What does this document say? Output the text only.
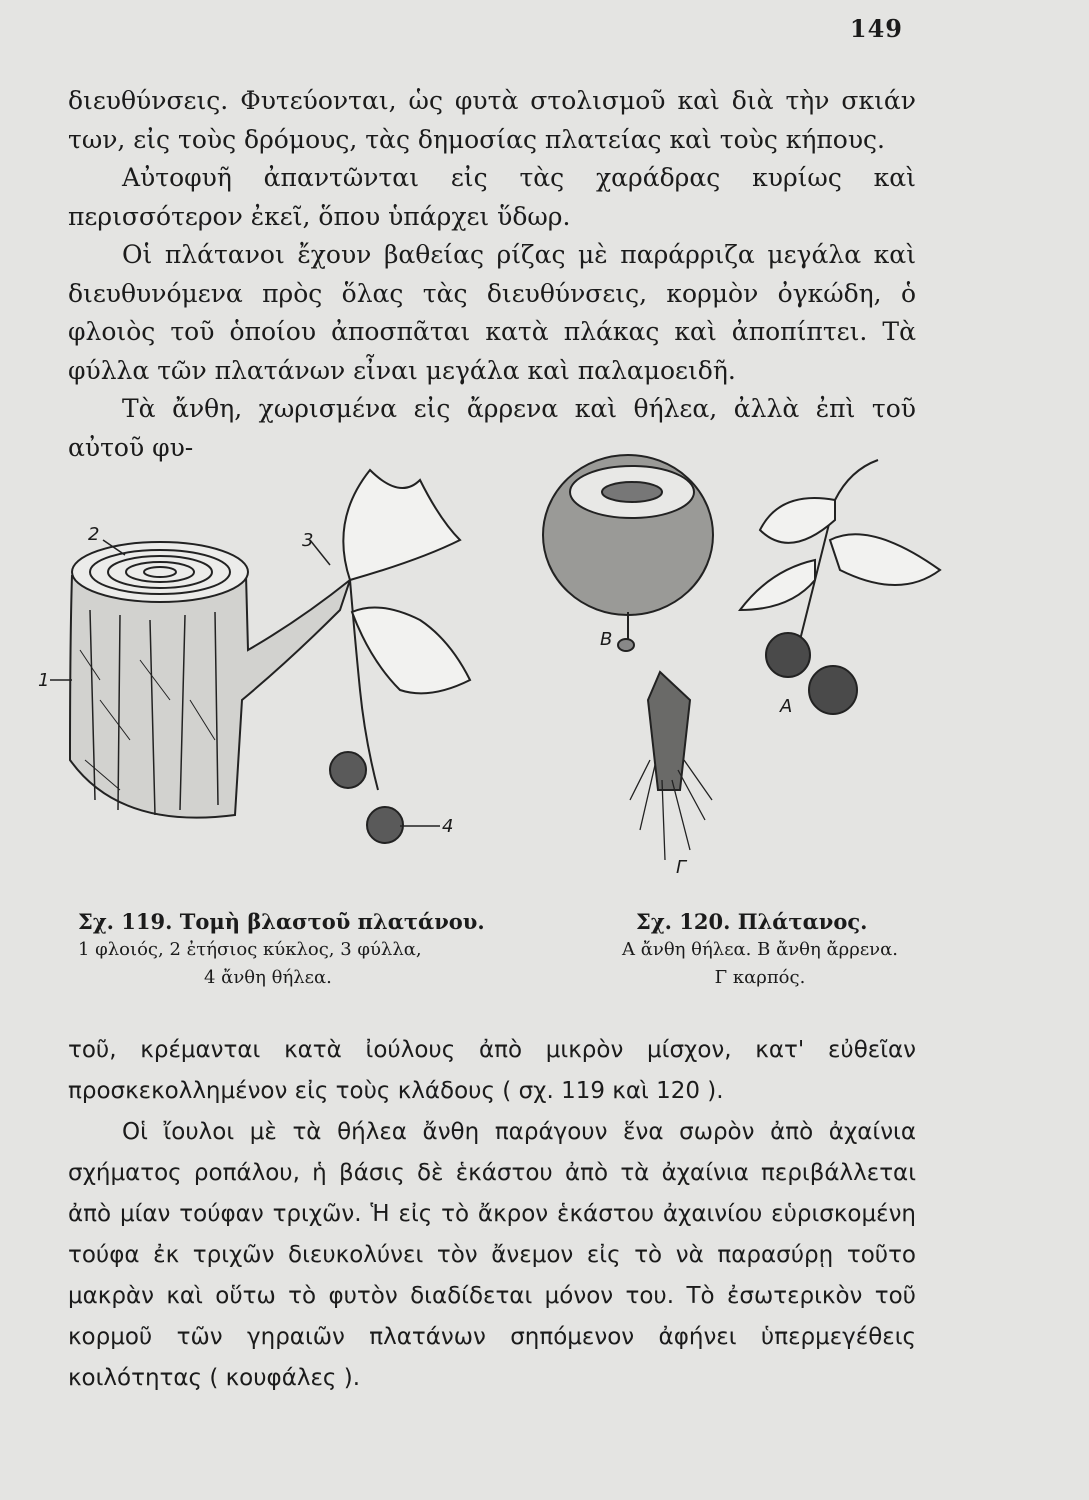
149

διευθύνσεις. Φυτεύονται, ὡς φυτὰ στολισμοῦ καὶ διὰ τὴν σκιάν των, εἰς τοὺς δρόμους, τὰς δημοσίας πλατείας καὶ τοὺς κήπους.

Αὐτοφυῆ ἀπαντῶνται εἰς τὰς χαράδρας κυρίως καὶ περισσότερον ἐκεῖ, ὅπου ὑπάρχει ὕδωρ.

Οἱ πλάτανοι ἔχουν βαθείας ρίζας μὲ παράρριζα μεγάλα καὶ διευθυνόμενα πρὸς ὅλας τὰς διευθύνσεις, κορμὸν ὀγκώδη, ὁ φλοιὸς τοῦ ὁποίου ἀποσπᾶται κατὰ πλάκας καὶ ἀποπίπτει. Τὰ φύλλα τῶν πλατάνων εἶναι μεγάλα καὶ παλαμοειδῆ.

Τὰ ἄνθη, χωρισμένα εἰς ἄρρενα καὶ θήλεα, ἀλλὰ ἐπὶ τοῦ αὐτοῦ φυ-

1
2	3
4
Β
Α
Γ
Σχ. 119. Τομὴ βλαστοῦ πλατάνου.
1 φλοιός, 2 ἐτήσιος κύκλος, 3 φύλλα,
4 ἄνθη θήλεα.
Σχ. 120. Πλάτανος.
Α ἄνθη θήλεα. Β ἄνθη ἄρρενα.
Γ καρπός.

τοῦ, κρέμανται κατὰ ἰούλους ἀπὸ μικρὸν μίσχον, κατ' εὐθεῖαν προσκεκολλημένον εἰς τοὺς κλάδους ( σχ. 119 καὶ 120 ).

Οἱ ἴουλοι μὲ τὰ θήλεα ἄνθη παράγουν ἕνα σωρὸν ἀπὸ ἀχαίνια σχήματος ροπάλου, ἡ βάσις δὲ ἑκάστου ἀπὸ τὰ ἀχαίνια περιβάλλεται ἀπὸ μίαν τούφαν τριχῶν. Ἡ εἰς τὸ ἄκρον ἑκάστου ἀχαινίου εὑρισκομένη τούφα ἐκ τριχῶν διευκολύνει τὸν ἄνεμον εἰς τὸ νὰ παρασύρῃ τοῦτο μακρὰν καὶ οὕτω τὸ φυτὸν διαδίδεται μόνον του. Τὸ ἐσωτερικὸν τοῦ κορμοῦ τῶν γηραιῶν πλατάνων σηπόμενον ἀφήνει ὑπερμεγέθεις κοιλότητας ( κουφάλες ).
